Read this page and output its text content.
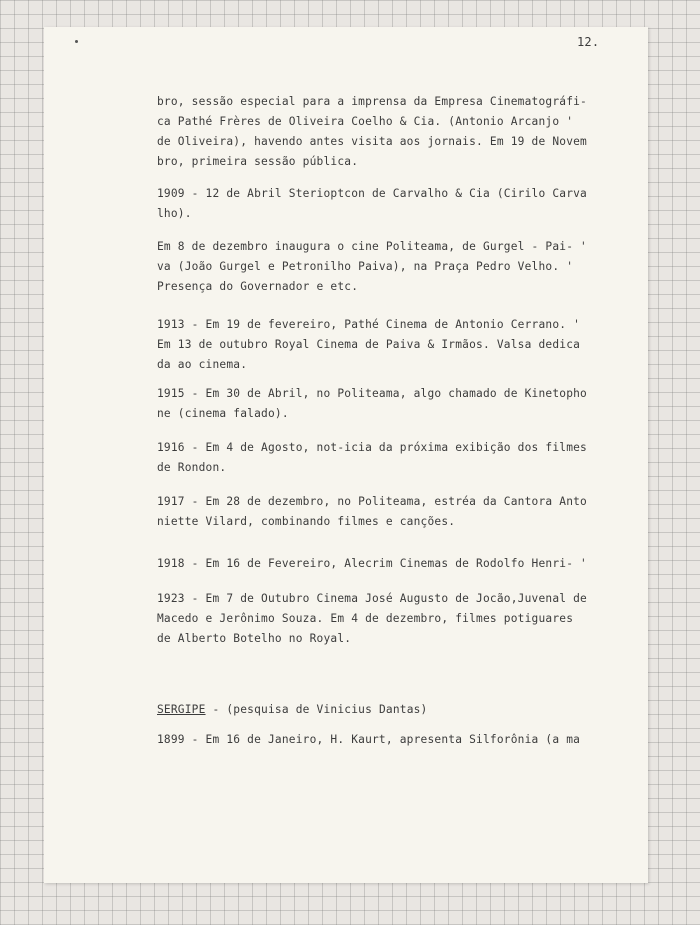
12.

bro, sessão especial para a imprensa da Empresa Cinematográfi-

ca Pathé Frères de Oliveira Coelho & Cia. (Antonio Arcanjo '

de Oliveira), havendo antes visita aos jornais. Em 19 de Novem

bro, primeira sessão pública.

1909 - 12 de Abril Sterioptcon de Carvalho & Cia (Cirilo Carva

lho).

Em 8 de dezembro inaugura o cine Politeama, de Gurgel - Pai- '

va (João Gurgel e Petronilho Paiva), na Praça Pedro Velho. '

Presença do Governador e etc.

1913 - Em 19 de fevereiro, Pathé Cinema de Antonio Cerrano. '

Em 13 de outubro Royal Cinema de Paiva & Irmãos. Valsa dedica

da ao cinema.

1915 - Em 30 de Abril, no Politeama, algo chamado de Kinetopho

ne (cinema falado).

1916 - Em 4 de Agosto, not-icia da próxima exibição dos filmes

de Rondon.

1917 - Em 28 de dezembro, no Politeama, estréa da Cantora Anto

niette Vilard, combinando filmes e canções.

1918 - Em 16 de Fevereiro, Alecrim Cinemas de Rodolfo Henri- '

1923 - Em 7 de Outubro Cinema José Augusto de Jocão,Juvenal de

Macedo e Jerônimo Souza. Em 4 de dezembro, filmes potiguares

de Alberto Botelho no Royal.

SERGIPE - (pesquisa de Vinicius Dantas)

1899 - Em 16 de Janeiro, H. Kaurt, apresenta Silforônia (a ma
